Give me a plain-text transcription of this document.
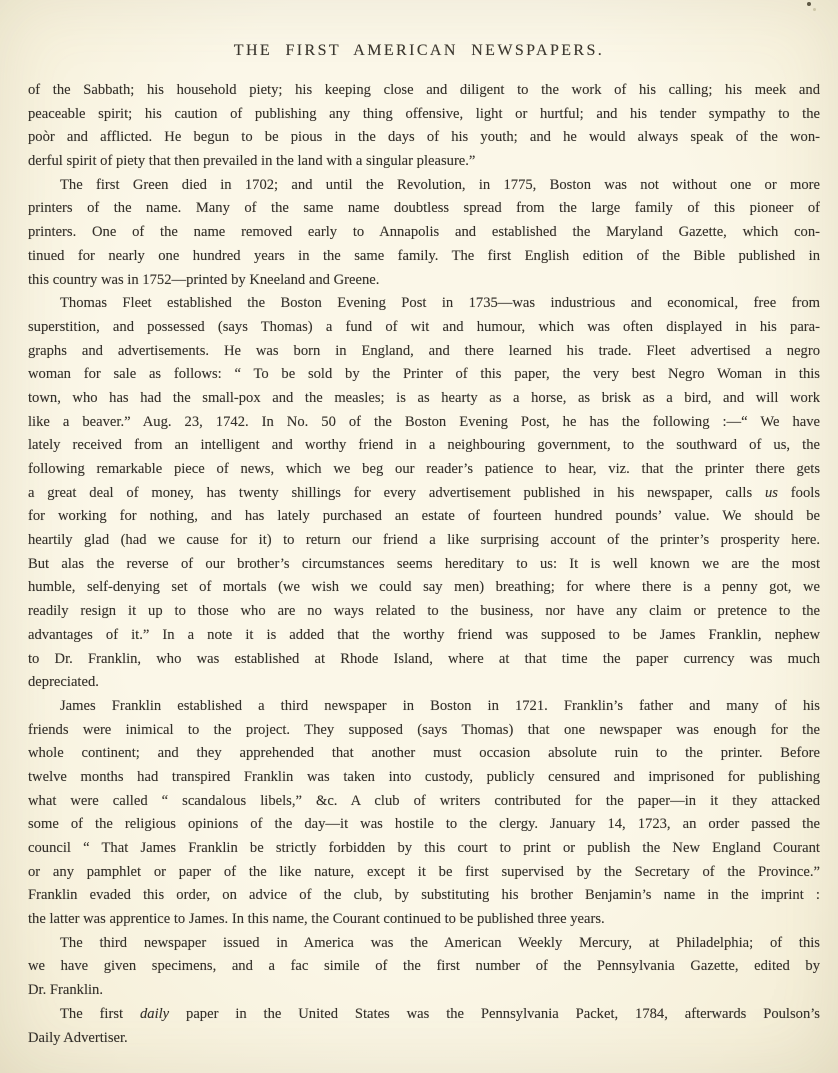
THE FIRST AMERICAN NEWSPAPERS.
of the Sabbath; his household piety; his keeping close and diligent to the work of his calling; his meek and
peaceable spirit; his caution of publishing any thing offensive, light or hurtful; and his tender sympathy to the
poòr and afflicted. He begun to be pious in the days of his youth; and he would always speak of the won-
derful spirit of piety that then prevailed in the land with a singular pleasure.”
The first Green died in 1702; and until the Revolution, in 1775, Boston was not without one or more
printers of the name. Many of the same name doubtless spread from the large family of this pioneer of
printers. One of the name removed early to Annapolis and established the Maryland Gazette, which con-
tinued for nearly one hundred years in the same family. The first English edition of the Bible published in
this country was in 1752—printed by Kneeland and Greene.
Thomas Fleet established the Boston Evening Post in 1735—was industrious and economical, free from
superstition, and possessed (says Thomas) a fund of wit and humour, which was often displayed in his para-
graphs and advertisements. He was born in England, and there learned his trade. Fleet advertised a negro
woman for sale as follows: “ To be sold by the Printer of this paper, the very best Negro Woman in this
town, who has had the small-pox and the measles; is as hearty as a horse, as brisk as a bird, and will work
like a beaver.” Aug. 23, 1742. In No. 50 of the Boston Evening Post, he has the following :—“ We have
lately received from an intelligent and worthy friend in a neighbouring government, to the southward of us, the
following remarkable piece of news, which we beg our reader’s patience to hear, viz. that the printer there gets
a great deal of money, has twenty shillings for every advertisement published in his newspaper, calls us fools
for working for nothing, and has lately purchased an estate of fourteen hundred pounds’ value. We should be
heartily glad (had we cause for it) to return our friend a like surprising account of the printer’s prosperity here.
But alas the reverse of our brother’s circumstances seems hereditary to us: It is well known we are the most
humble, self-denying set of mortals (we wish we could say men) breathing; for where there is a penny got, we
readily resign it up to those who are no ways related to the business, nor have any claim or pretence to the
advantages of it.” In a note it is added that the worthy friend was supposed to be James Franklin, nephew
to Dr. Franklin, who was established at Rhode Island, where at that time the paper currency was much
depreciated.
James Franklin established a third newspaper in Boston in 1721. Franklin’s father and many of his
friends were inimical to the project. They supposed (says Thomas) that one newspaper was enough for the
whole continent; and they apprehended that another must occasion absolute ruin to the printer. Before
twelve months had transpired Franklin was taken into custody, publicly censured and imprisoned for publishing
what were called “ scandalous libels,” &c. A club of writers contributed for the paper—in it they attacked
some of the religious opinions of the day—it was hostile to the clergy. January 14, 1723, an order passed the
council “ That James Franklin be strictly forbidden by this court to print or publish the New England Courant
or any pamphlet or paper of the like nature, except it be first supervised by the Secretary of the Province.”
Franklin evaded this order, on advice of the club, by substituting his brother Benjamin’s name in the imprint :
the latter was apprentice to James. In this name, the Courant continued to be published three years.
The third newspaper issued in America was the American Weekly Mercury, at Philadelphia; of this
we have given specimens, and a fac simile of the first number of the Pennsylvania Gazette, edited by
Dr. Franklin.
The first daily paper in the United States was the Pennsylvania Packet, 1784, afterwards Poulson’s
Daily Advertiser.
